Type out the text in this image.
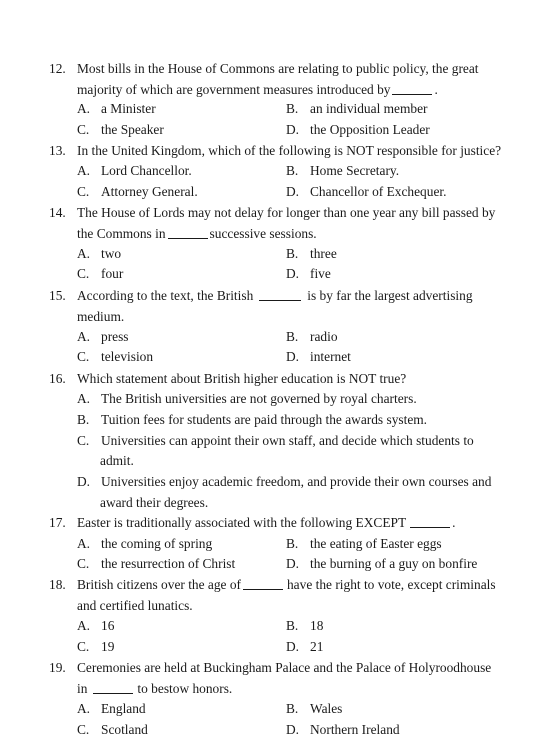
12. Most bills in the House of Commons are relating to public policy, the great
majority of which are government measures introduced by	.
A. a Minister	B. an individual member
C. the Speaker	D. the Opposition Leader
13. In the United Kingdom, which of the following is NOT responsible for justice?
A. Lord Chancellor.	B. Home Secretary.
C. Attorney General.	D. Chancellor of Exchequer.
14. The House of Lords may not delay for longer than one year any bill passed by
the Commons in	successive sessions.
A. two	B. three
C. four	D. five
15. According to the text, the British	is by far the largest advertising
medium.
A. press	B. radio
C. television	D. internet
16. Which statement about British higher education is NOT true?
A. The British universities are not governed by royal charters.
B. Tuition fees for students are paid through the awards system.
C. Universities can appoint their own staff, and decide which students to
admit.
D. Universities enjoy academic freedom, and provide their own courses and
award their degrees.
17. Easter is traditionally associated with the following EXCEPT	.
A. the coming of spring	B. the eating of Easter eggs
C. the resurrection of Christ	D. the burning of a guy on bonfire
18. British citizens over the age of	have the right to vote, except criminals
and certified lunatics.
A. 16	B. 18
C. 19	D. 21
19. Ceremonies are held at Buckingham Palace and the Palace of Holyroodhouse
in	to bestow honors.
A. England	B. Wales
C. Scotland	D. Northern Ireland
